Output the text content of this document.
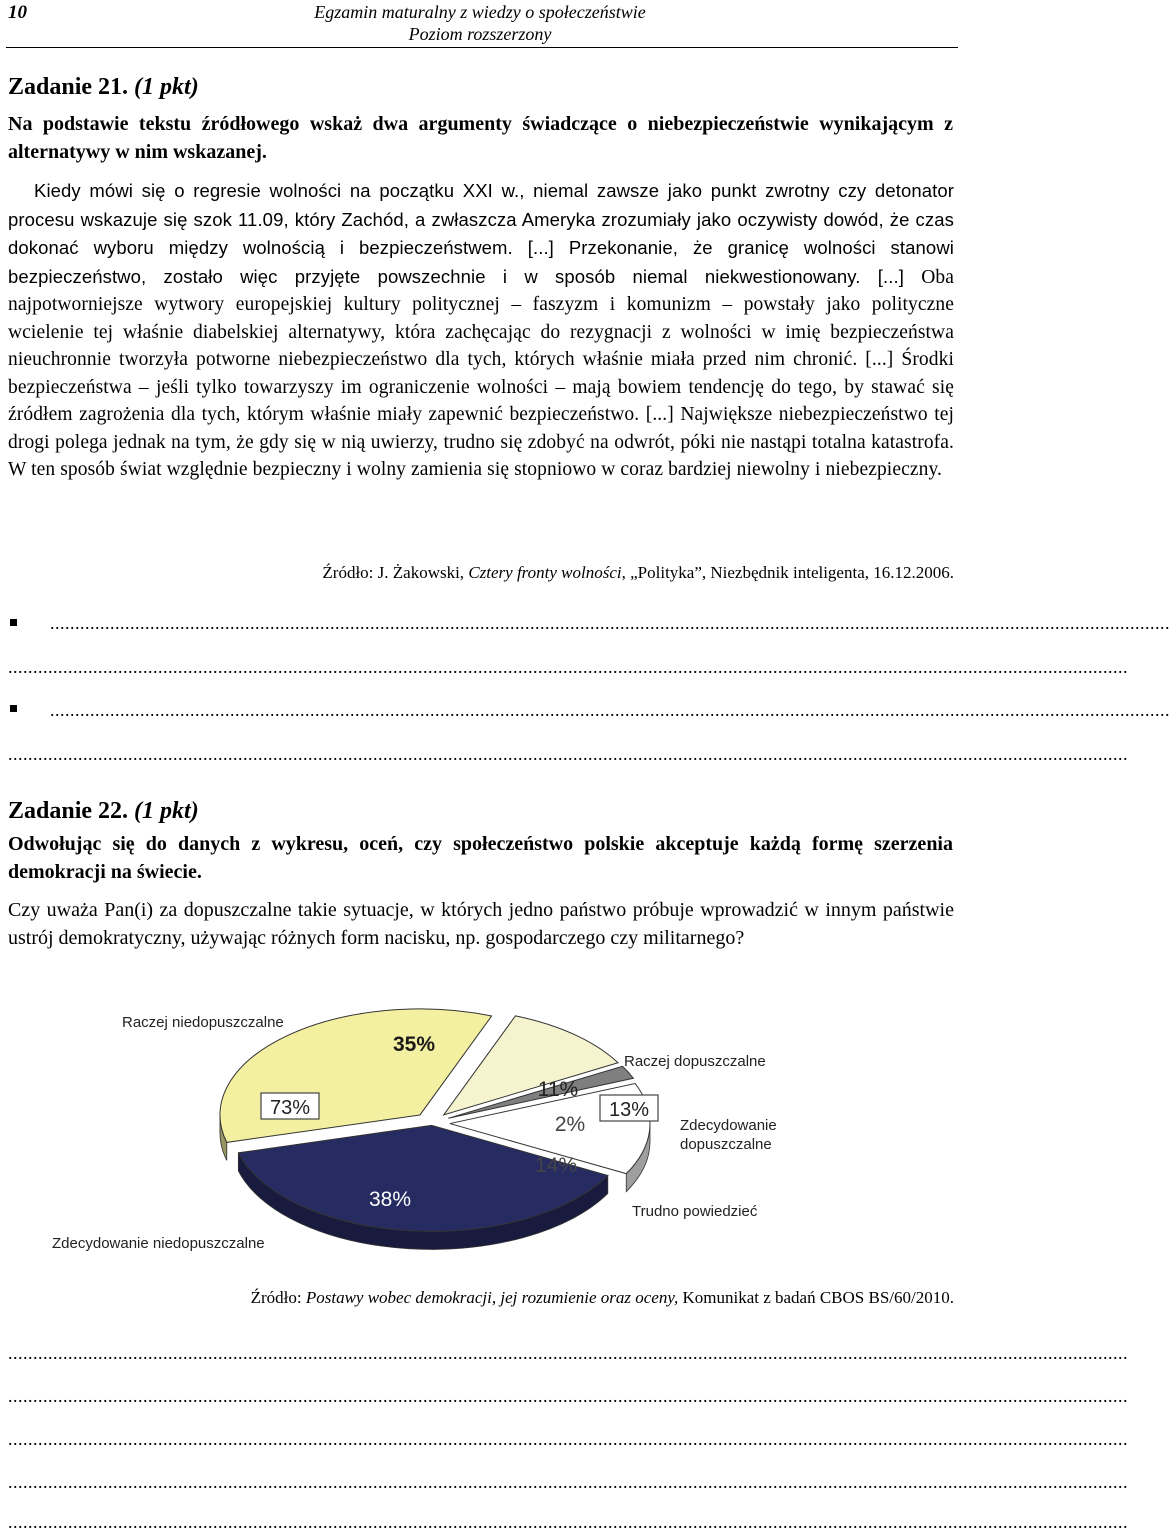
10	Egzamin maturalny z wiedzy o społeczeństwie
Poziom rozszerzony
Zadanie 21. (1 pkt)
Na podstawie tekstu źródłowego wskaż dwa argumenty świadczące o niebezpieczeństwie wynikającym z alternatywy w nim wskazanej.
Kiedy mówi się o regresie wolności na początku XXI w., niemal zawsze jako punkt zwrotny czy detonator procesu wskazuje się szok 11.09, który Zachód, a zwłaszcza Ameryka zrozumiały jako oczywisty dowód, że czas dokonać wyboru między wolnością i bezpieczeństwem. [...] Przekonanie, że granicę wolności stanowi bezpieczeństwo, zostało więc przyjęte powszechnie i w sposób niemal niekwestionowany. [...] Oba najpotworniejsze wytwory europejskiej kultury politycznej – faszyzm i komunizm – powstały jako polityczne wcielenie tej właśnie diabelskiej alternatywy, która zachęcając do rezygnacji z wolności w imię bezpieczeństwa nieuchronnie tworzyła potworne niebezpieczeństwo dla tych, których właśnie miała przed nim chronić. [...] Środki bezpieczeństwa – jeśli tylko towarzyszy im ograniczenie wolności – mają bowiem tendencję do tego, by stawać się źródłem zagrożenia dla tych, którym właśnie miały zapewnić bezpieczeństwo. [...] Największe niebezpieczeństwo tej drogi polega jednak na tym, że gdy się w nią uwierzy, trudno się zdobyć na odwrót, póki nie nastąpi totalna katastrofa. W ten sposób świat względnie bezpieczny i wolny zamienia się stopniowo w coraz bardziej niewolny i niebezpieczny.
Źródło: J. Żakowski, Cztery fronty wolności, „Polityka”, Niezbędnik inteligenta, 16.12.2006.
................................................................................................................................................................................................................................
................................................................................................................................................................................................................................
................................................................................................................................................................................................................................
................................................................................................................................................................................................................................
Zadanie 22. (1 pkt)
Odwołując się do danych z wykresu, oceń, czy społeczeństwo polskie akceptuje każdą formę szerzenia demokracji na świecie.
Czy uważa Pan(i) za dopuszczalne takie sytuacje, w których jedno państwo próbuje wprowadzić w innym państwie ustrój demokratyczny, używając różnych form nacisku, np. gospodarczego czy militarnego?
Raczej niedopuszczalne
Raczej dopuszczalne
Zdecydowanie
dopuszczalne
Trudno powiedzieć
Zdecydowanie niedopuszczalne
73%	13%
35%
11%
2%
14%
38%
Źródło: Postawy wobec demokracji, jej rozumienie oraz oceny, Komunikat z badań CBOS BS/60/2010.
................................................................................................................................................................................................................................
................................................................................................................................................................................................................................
................................................................................................................................................................................................................................
................................................................................................................................................................................................................................
................................................................................................................................................................................................................................
